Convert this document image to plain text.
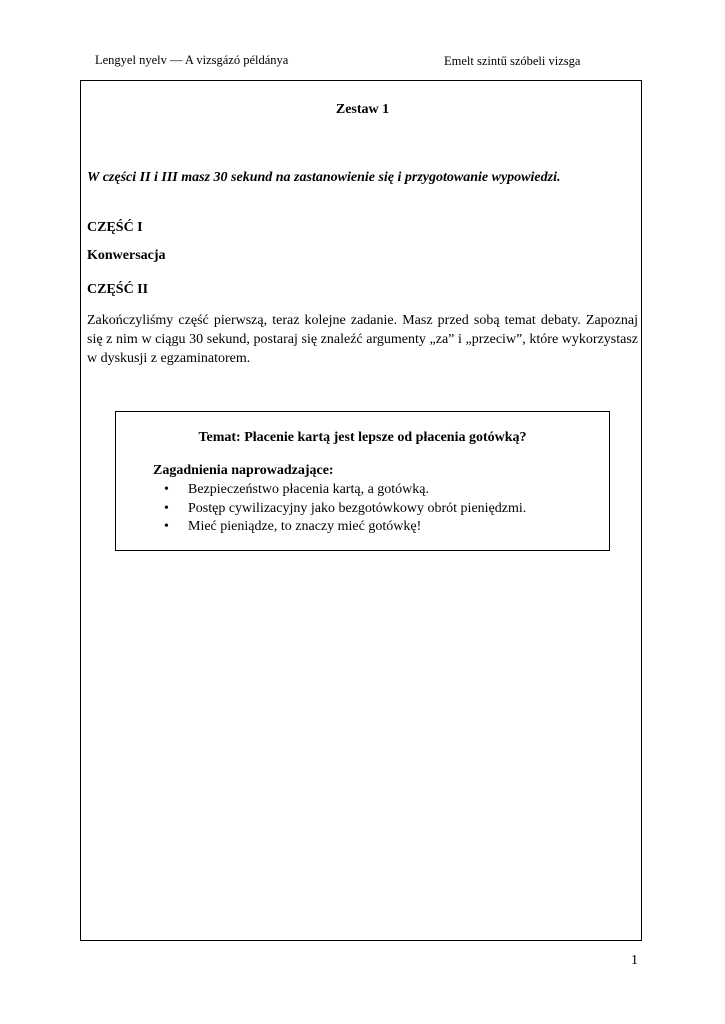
Lengyel nyelv — A vizsgázó példánya	Emelt szintű szóbeli vizsga
Zestaw 1
W części II i III masz 30 sekund na zastanowienie się i przygotowanie wypowiedzi.
CZĘŚĆ I
Konwersacja
CZĘŚĆ II

Zakończyliśmy część pierwszą, teraz kolejne zadanie. Masz przed sobą temat debaty. Zapoznaj się z nim w ciągu 30 sekund, postaraj się znaleźć argumenty „za” i „przeciw”, które wykorzystasz w dyskusji z egzaminatorem.

Temat: Płacenie kartą jest lepsze od płacenia gotówką?
Zagadnienia naprowadzające:
• Bezpieczeństwo płacenia kartą, a gotówką.
• Postęp cywilizacyjny jako bezgotówkowy obrót pieniędzmi.
• Mieć pieniądze, to znaczy mieć gotówkę!
1
